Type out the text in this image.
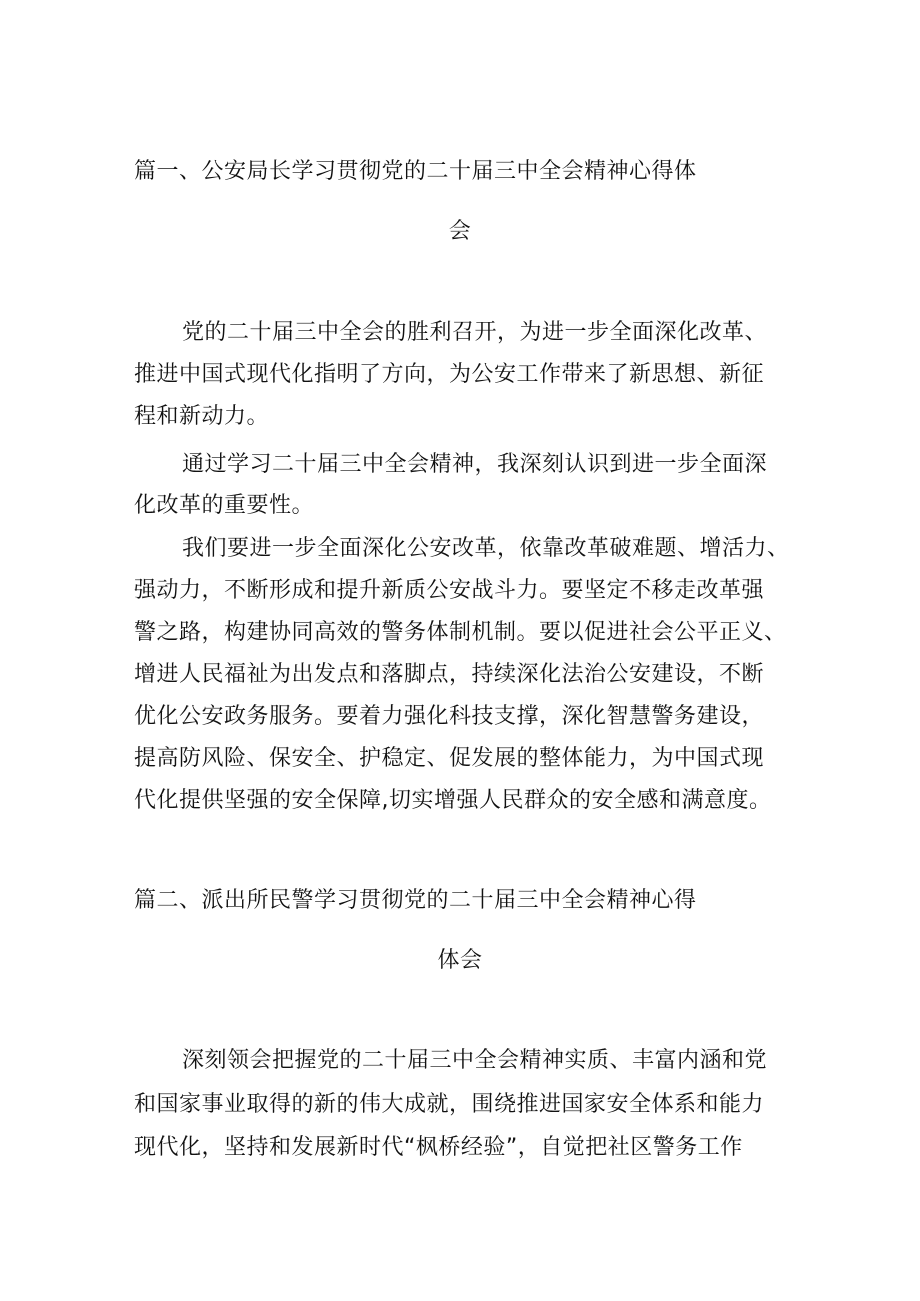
篇一、公安局长学习贯彻党的二十届三中全会精神心得体
会
党的二十届三中全会的胜利召开，为进一步全面深化改革、
推进中国式现代化指明了方向，为公安工作带来了新思想、新征
程和新动力。
通过学习二十届三中全会精神，我深刻认识到进一步全面深
化改革的重要性。
我们要进一步全面深化公安改革，依靠改革破难题、增活力、
强动力，不断形成和提升新质公安战斗力。要坚定不移走改革强
警之路，构建协同高效的警务体制机制。要以促进社会公平正义、
增进人民福祉为出发点和落脚点，持续深化法治公安建设，不断
优化公安政务服务。要着力强化科技支撑，深化智慧警务建设，
提高防风险、保安全、护稳定、促发展的整体能力，为中国式现
代化提供坚强的安全保障,切实增强人民群众的安全感和满意度。
篇二、派出所民警学习贯彻党的二十届三中全会精神心得
体会
深刻领会把握党的二十届三中全会精神实质、丰富内涵和党
和国家事业取得的新的伟大成就，围绕推进国家安全体系和能力
现代化，坚持和发展新时代“枫桥经验”，自觉把社区警务工作
